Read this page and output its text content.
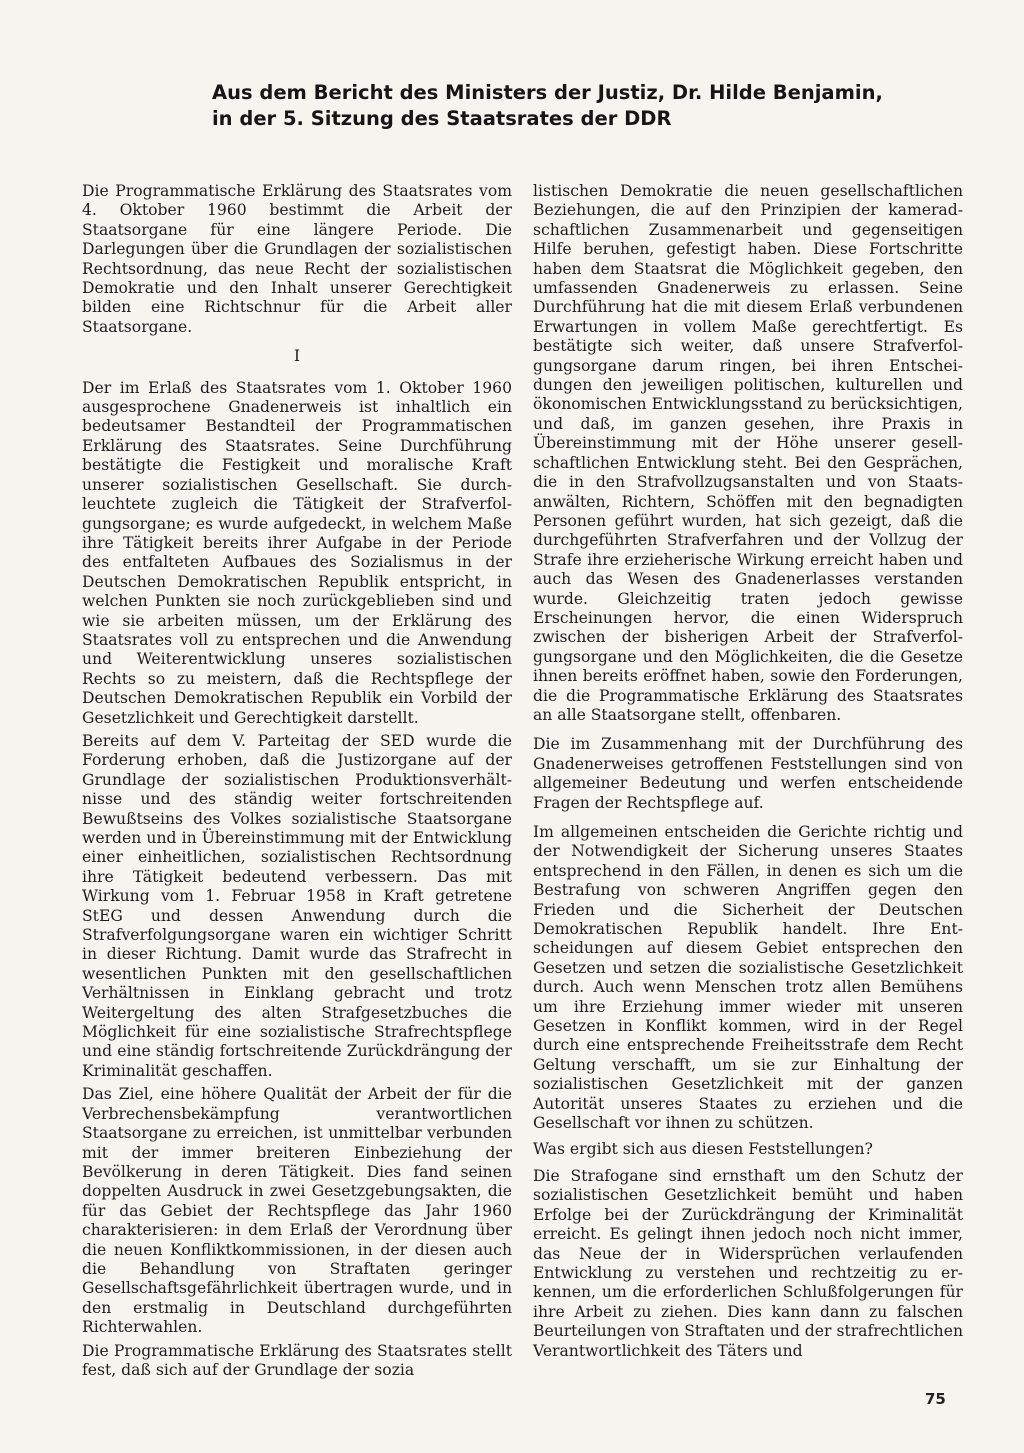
Aus dem Bericht des Ministers der Justiz, Dr. Hilde Benjamin,
in der 5. Sitzung des Staatsrates der DDR

Die Programmatische Erklärung des Staatsrates vom 4. Oktober 1960 bestimmt die Arbeit der Staatsorgane für eine längere Periode. Die Darlegungen über die Grundlagen der sozialistischen Rechtsordnung, das neue Recht der sozialistischen Demokratie und den Inhalt unserer Gerechtigkeit bilden eine Richtschnur für die Arbeit aller Staatsorgane.

I

Der im Erlaß des Staatsrates vom 1. Oktober 1960 ausgesprochene Gnadenerweis ist inhaltlich ein bedeutsamer Bestandteil der Programmatischen Erklärung des Staatsrates. Seine Durchführung bestätigte die Festigkeit und moralische Kraft unserer sozialistischen Gesellschaft. Sie durchleuchtete zugleich die Tätigkeit der Strafverfolgungsorgane; es wurde aufgedeckt, in welchem Maße ihre Tätigkeit bereits ihrer Aufgabe in der Periode des entfalteten Aufbaues des Sozialismus in der Deutschen Demokratischen Republik entspricht, in welchen Punkten sie noch zurückgeblieben sind und wie sie arbeiten müssen, um der Erklärung des Staatsrates voll zu entsprechen und die Anwendung und Weiterentwicklung unseres sozialistischen Rechts so zu meistern, daß die Rechtspflege der Deutschen Demokratischen Republik ein Vorbild der Gesetzlichkeit und Gerechtigkeit darstellt.

Bereits auf dem V. Parteitag der SED wurde die Forderung erhoben, daß die Justizorgane auf der Grundlage der sozialistischen Produktionsverhältnisse und des ständig weiter fortschreitenden Bewußtseins des Volkes sozialistische Staatsorgane werden und in Übereinstimmung mit der Entwicklung einer einheitlichen, sozialistischen Rechtsordnung ihre Tätigkeit bedeutend verbessern. Das mit Wirkung vom 1. Februar 1958 in Kraft getretene StEG und dessen Anwendung durch die Strafverfolgungsorgane waren ein wichtiger Schritt in dieser Richtung. Damit wurde das Strafrecht in wesentlichen Punkten mit den gesellschaftlichen Verhältnissen in Einklang gebracht und trotz Weitergeltung des alten Strafgesetzbuches die Möglichkeit für eine sozialistische Strafrechtspflege und eine ständig fortschreitende Zurückdrängung der Kriminalität geschaffen.

Das Ziel, eine höhere Qualität der Arbeit der für die Verbrechensbekämpfung verantwortlichen Staatsorgane zu erreichen, ist unmittelbar verbunden mit der immer breiteren Einbeziehung der Bevölkerung in deren Tätigkeit. Dies fand seinen doppelten Ausdruck in zwei Gesetzgebungsakten, die für das Gebiet der Rechtspflege das Jahr 1960 charakterisieren: in dem Erlaß der Verordnung über die neuen Konfliktkommissionen, in der diesen auch die Behandlung von Straftaten geringer Gesellschaftsgefährlichkeit übertragen wurde, und in den erstmalig in Deutschland durchgeführten Richterwahlen.

Die Programmatische Erklärung des Staatsrates stellt fest, daß sich auf der Grundlage der sozia

listischen Demokratie die neuen gesellschaftlichen Beziehungen, die auf den Prinzipien der kameradschaftlichen Zusammenarbeit und gegenseitigen Hilfe beruhen, gefestigt haben. Diese Fortschritte haben dem Staatsrat die Möglichkeit gegeben, den umfassenden Gnadenerweis zu erlassen. Seine Durchführung hat die mit diesem Erlaß verbundenen Erwartungen in vollem Maße gerechtfertigt. Es bestätigte sich weiter, daß unsere Strafverfolgungsorgane darum ringen, bei ihren Entscheidungen den jeweiligen politischen, kulturellen und ökonomischen Entwicklungsstand zu berücksichtigen, und daß, im ganzen gesehen, ihre Praxis in Übereinstimmung mit der Höhe unserer gesellschaftlichen Entwicklung steht. Bei den Gesprächen, die in den Strafvollzugsanstalten und von Staatsanwälten, Richtern, Schöffen mit den begnadigten Personen geführt wurden, hat sich gezeigt, daß die durchgeführten Strafverfahren und der Vollzug der Strafe ihre erzieherische Wirkung erreicht haben und auch das Wesen des Gnadenerlasses verstanden wurde. Gleichzeitig traten jedoch gewisse Erscheinungen hervor, die einen Widerspruch zwischen der bisherigen Arbeit der Strafverfolgungsorgane und den Möglichkeiten, die die Gesetze ihnen bereits eröffnet haben, sowie den Forderungen, die die Programmatische Erklärung des Staatsrates an alle Staatsorgane stellt, offenbaren.

Die im Zusammenhang mit der Durchführung des Gnadenerweises getroffenen Feststellungen sind von allgemeiner Bedeutung und werfen entscheidende Fragen der Rechtspflege auf.

Im allgemeinen entscheiden die Gerichte richtig und der Notwendigkeit der Sicherung unseres Staates entsprechend in den Fällen, in denen es sich um die Bestrafung von schweren Angriffen gegen den Frieden und die Sicherheit der Deutschen Demokratischen Republik handelt. Ihre Entscheidungen auf diesem Gebiet entsprechen den Gesetzen und setzen die sozialistische Gesetzlichkeit durch. Auch wenn Menschen trotz allen Bemühens um ihre Erziehung immer wieder mit unseren Gesetzen in Konflikt kommen, wird in der Regel durch eine entsprechende Freiheitsstrafe dem Recht Geltung verschafft, um sie zur Einhaltung der sozialistischen Gesetzlichkeit mit der ganzen Autorität unseres Staates zu erziehen und die Gesellschaft vor ihnen zu schützen.

Was ergibt sich aus diesen Feststellungen?

Die Strafogane sind ernsthaft um den Schutz der sozialistischen Gesetzlichkeit bemüht und haben Erfolge bei der Zurückdrängung der Kriminalität erreicht. Es gelingt ihnen jedoch noch nicht immer, das Neue der in Widersprüchen verlaufenden Entwicklung zu verstehen und rechtzeitig zu erkennen, um die erforderlichen Schlußfolgerungen für ihre Arbeit zu ziehen. Dies kann dann zu falschen Beurteilungen von Straftaten und der strafrechtlichen Verantwortlichkeit des Täters und

75
